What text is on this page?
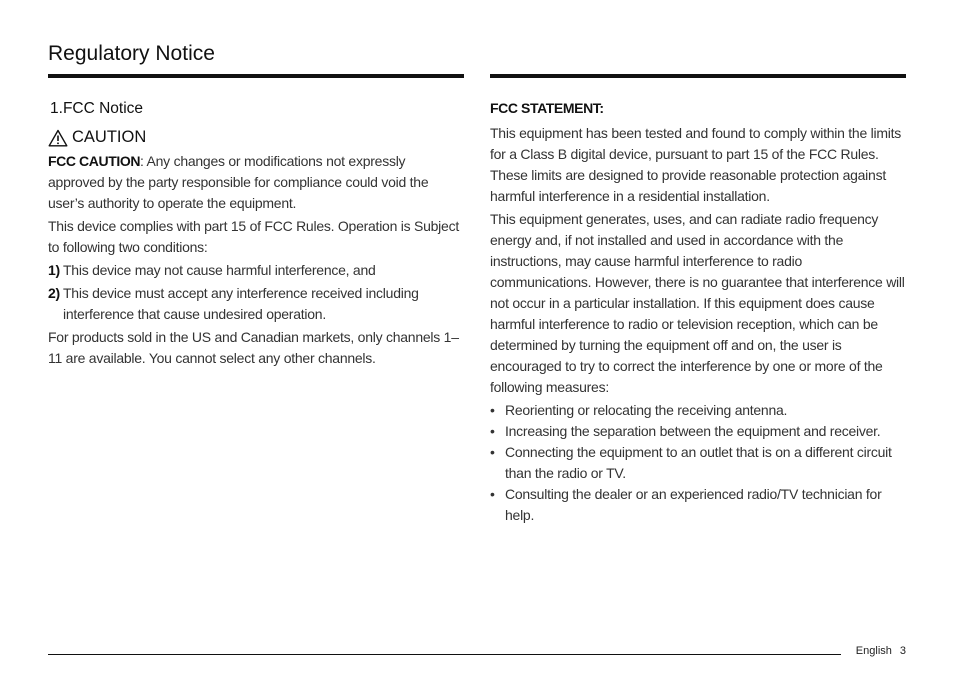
Regulatory Notice
1.FCC Notice
CAUTION

FCC CAUTION: Any changes or modifications not expressly approved by the party responsible for compliance could void the user’s authority to operate the equipment.

This device complies with part 15 of FCC Rules. Operation is Subject to following two conditions:

1) This device may not cause harmful interference, and
2) This device must accept any interference received including interference that cause undesired operation.

For products sold in the US and Canadian markets, only channels 1–11 are available. You cannot select any other channels.

FCC STATEMENT:

This equipment has been tested and found to comply within the limits for a Class B digital device, pursuant to part 15 of the FCC Rules. These limits are designed to provide reasonable protection against harmful interference in a residential installation.

This equipment generates, uses, and can radiate radio frequency energy and, if not installed and used in accordance with the instructions, may cause harmful interference to radio communications. However, there is no guarantee that interference will not occur in a particular installation. If this equipment does cause harmful interference to radio or television reception, which can be determined by turning the equipment off and on, the user is encouraged to try to correct the interference by one or more of the following measures:

• Reorienting or relocating the receiving antenna.
• Increasing the separation between the equipment and receiver.
• Connecting the equipment to an outlet that is on a different circuit than the radio or TV.
• Consulting the dealer or an experienced radio/TV technician for help.
English 3
